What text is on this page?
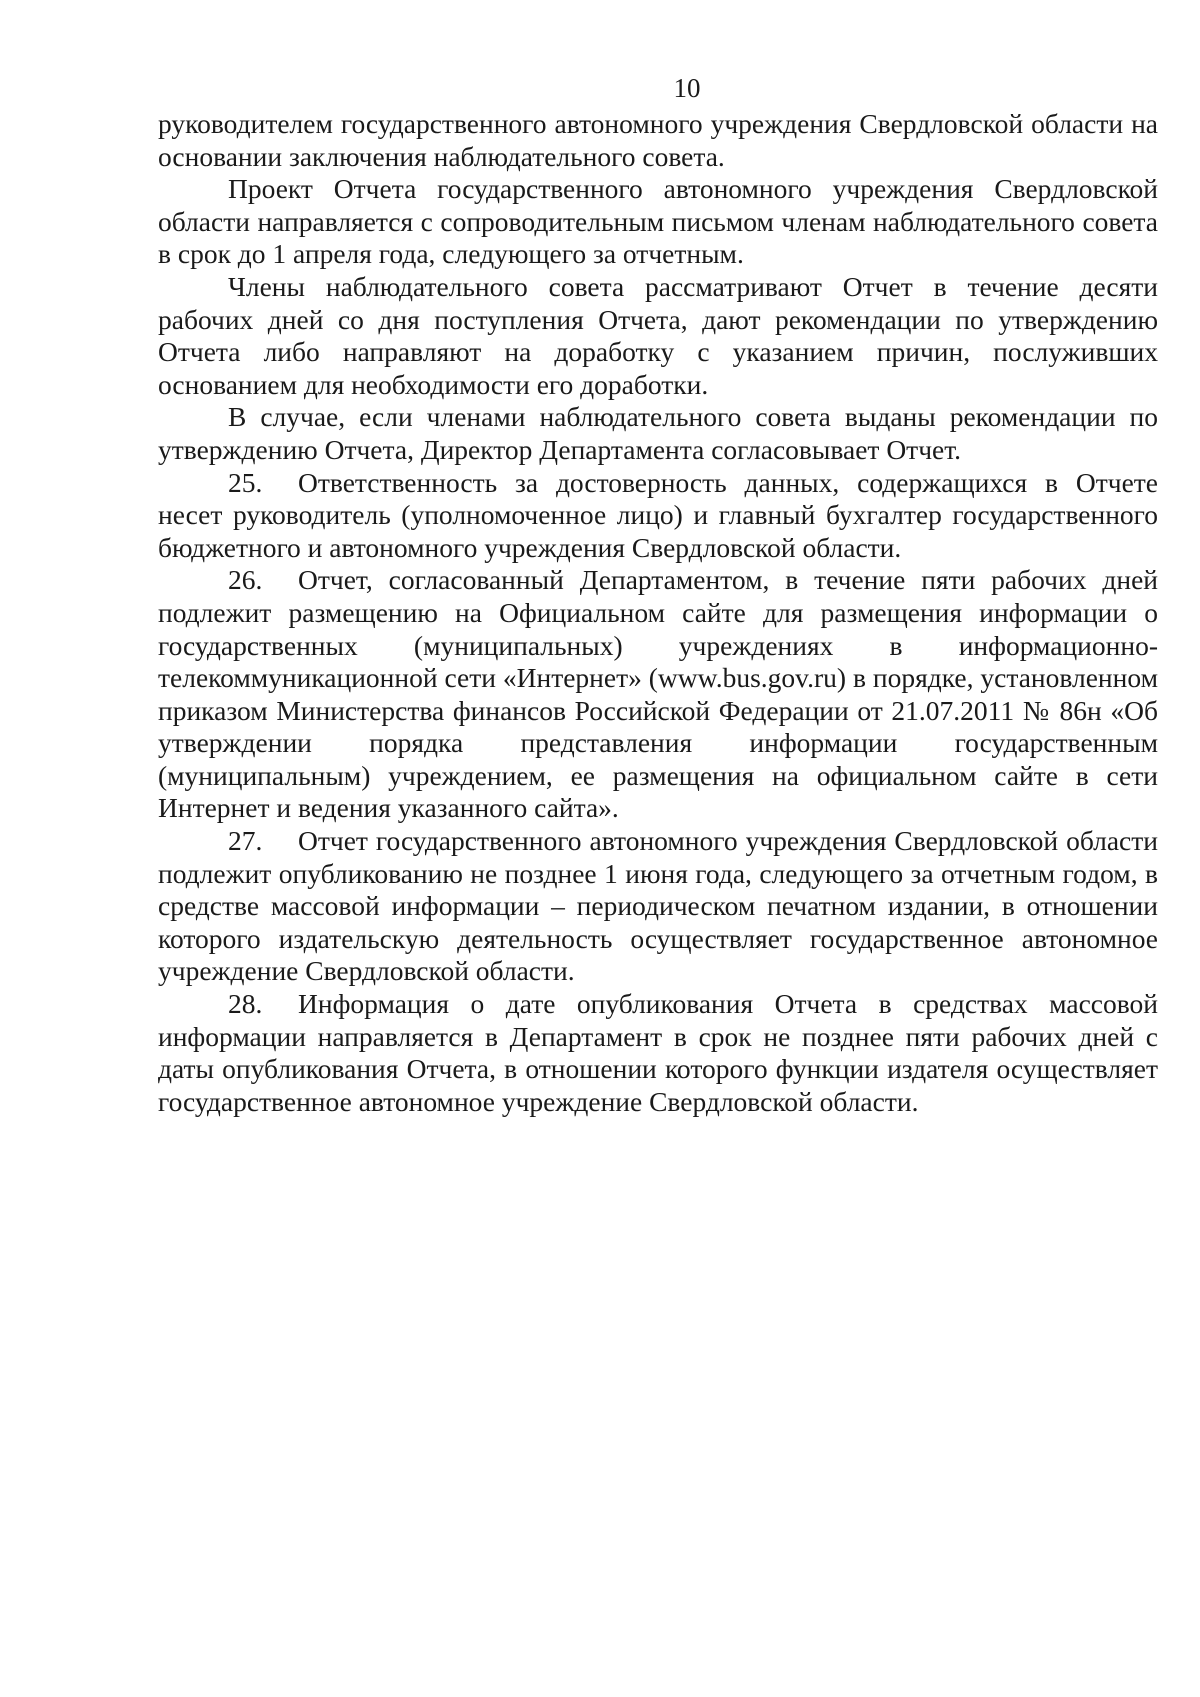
10

руководителем государственного автономного учреждения Свердловской области на основании заключения наблюдательного совета.

Проект Отчета государственного автономного учреждения Свердловской области направляется с сопроводительным письмом членам наблюдательного совета в срок до 1 апреля года, следующего за отчетным.

Члены наблюдательного совета рассматривают Отчет в течение десяти рабочих дней со дня поступления Отчета, дают рекомендации по утверждению Отчета либо направляют на доработку с указанием причин, послуживших основанием для необходимости его доработки.

В случае, если членами наблюдательного совета выданы рекомендации по утверждению Отчета, Директор Департамента согласовывает Отчет.

25. Ответственность за достоверность данных, содержащихся в Отчете несет руководитель (уполномоченное лицо) и главный бухгалтер государственного бюджетного и автономного учреждения Свердловской области.

26. Отчет, согласованный Департаментом, в течение пяти рабочих дней подлежит размещению на Официальном сайте для размещения информации о государственных (муниципальных) учреждениях в информационно-телекоммуникационной сети «Интернет» (www.bus.gov.ru) в порядке, установленном приказом Министерства финансов Российской Федерации от 21.07.2011 № 86н «Об утверждении порядка представления информации государственным (муниципальным) учреждением, ее размещения на официальном сайте в сети Интернет и ведения указанного сайта».

27. Отчет государственного автономного учреждения Свердловской области подлежит опубликованию не позднее 1 июня года, следующего за отчетным годом, в средстве массовой информации – периодическом печатном издании, в отношении которого издательскую деятельность осуществляет государственное автономное учреждение Свердловской области.

28. Информация о дате опубликования Отчета в средствах массовой информации направляется в Департамент в срок не позднее пяти рабочих дней с даты опубликования Отчета, в отношении которого функции издателя осуществляет государственное автономное учреждение Свердловской области.
